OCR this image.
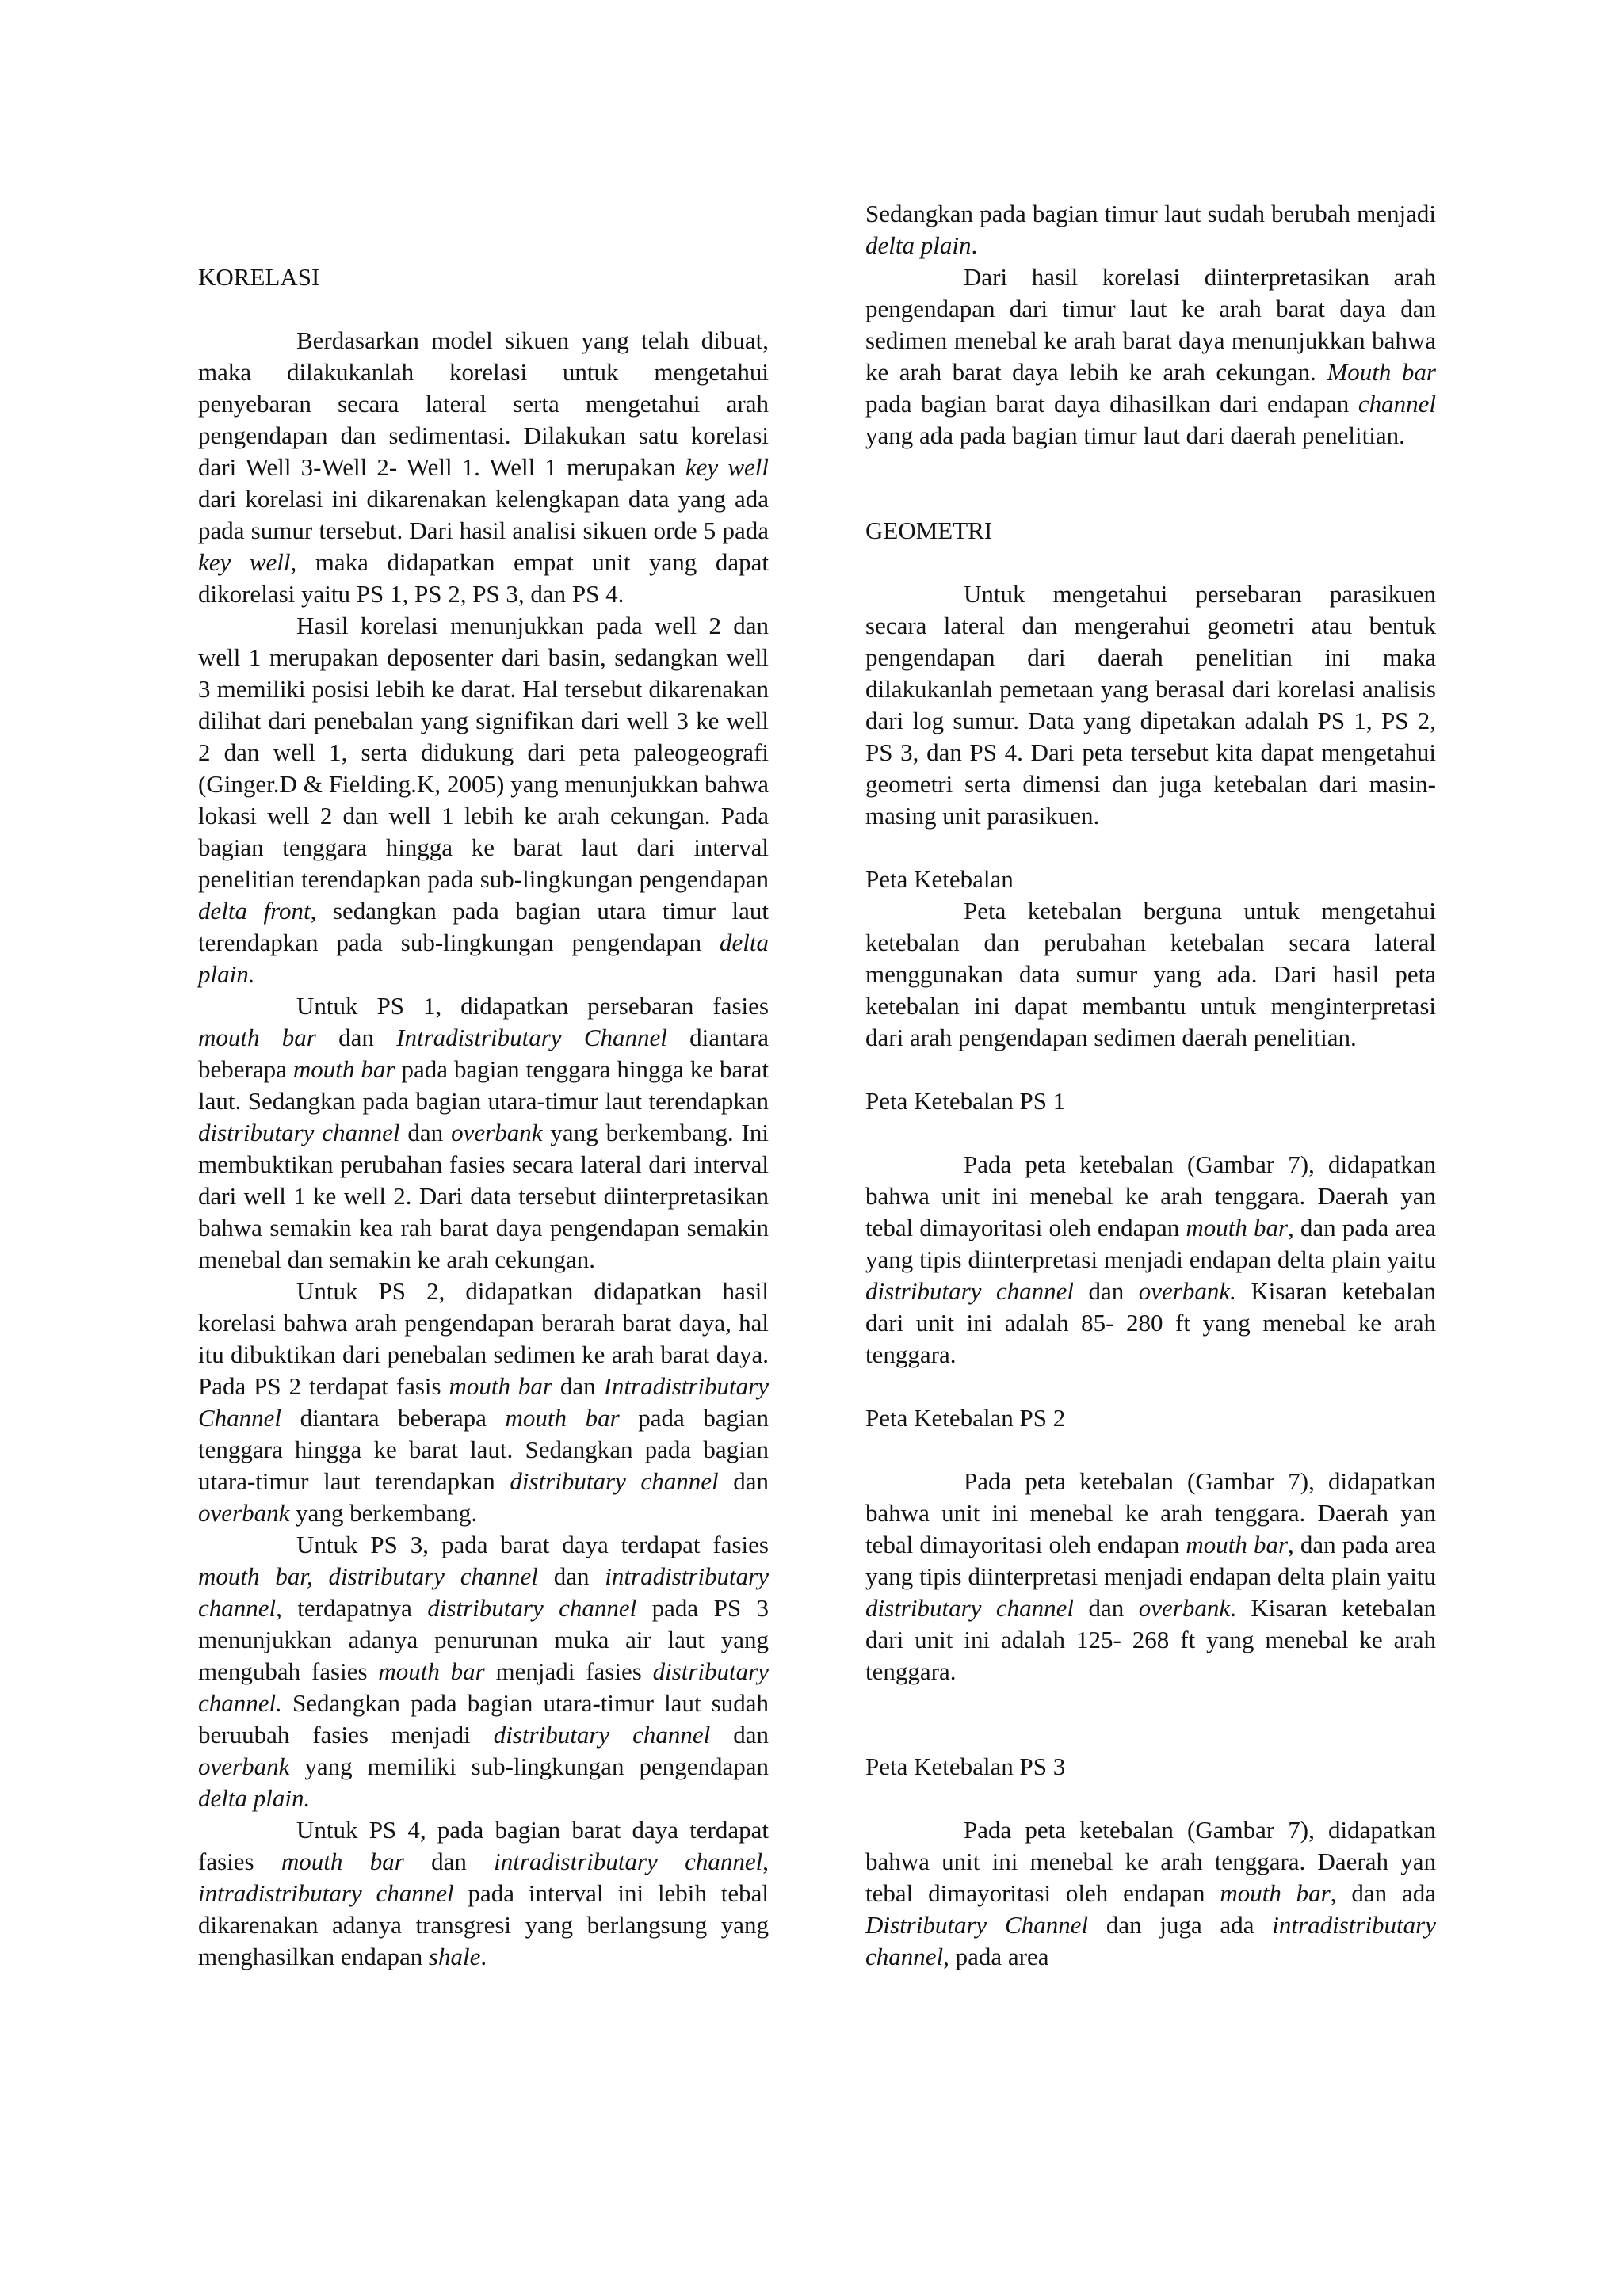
KORELASI

Berdasarkan model sikuen yang telah dibuat, maka dilakukanlah korelasi untuk mengetahui penyebaran secara lateral serta mengetahui arah pengendapan dan sedimentasi. Dilakukan satu korelasi dari Well 3-Well 2- Well 1. Well 1 merupakan key well dari korelasi ini dikarenakan kelengkapan data yang ada pada sumur tersebut. Dari hasil analisi sikuen orde 5 pada key well, maka didapatkan empat unit yang dapat dikorelasi yaitu PS 1, PS 2, PS 3, dan PS 4.

Hasil korelasi menunjukkan pada well 2 dan well 1 merupakan deposenter dari basin, sedangkan well 3 memiliki posisi lebih ke darat. Hal tersebut dikarenakan dilihat dari penebalan yang signifikan dari well 3 ke well 2 dan well 1, serta didukung dari peta paleogeografi (Ginger.D & Fielding.K, 2005) yang menunjukkan bahwa lokasi well 2 dan well 1 lebih ke arah cekungan. Pada bagian tenggara hingga ke barat laut dari interval penelitian terendapkan pada sub-lingkungan pengendapan delta front, sedangkan pada bagian utara timur laut terendapkan pada sub-lingkungan pengendapan delta plain.

Untuk PS 1, didapatkan persebaran fasies mouth bar dan Intradistributary Channel diantara beberapa mouth bar pada bagian tenggara hingga ke barat laut. Sedangkan pada bagian utara-timur laut terendapkan distributary channel dan overbank yang berkembang. Ini membuktikan perubahan fasies secara lateral dari interval dari well 1 ke well 2. Dari data tersebut diinterpretasikan bahwa semakin kea rah barat daya pengendapan semakin menebal dan semakin ke arah cekungan.

Untuk PS 2, didapatkan didapatkan hasil korelasi bahwa arah pengendapan berarah barat daya, hal itu dibuktikan dari penebalan sedimen ke arah barat daya. Pada PS 2 terdapat fasis mouth bar dan Intradistributary Channel diantara beberapa mouth bar pada bagian tenggara hingga ke barat laut. Sedangkan pada bagian utara-timur laut terendapkan distributary channel dan overbank yang berkembang.

Untuk PS 3, pada barat daya terdapat fasies mouth bar, distributary channel dan intradistributary channel, terdapatnya distributary channel pada PS 3 menunjukkan adanya penurunan muka air laut yang mengubah fasies mouth bar menjadi fasies distributary channel. Sedangkan pada bagian utara-timur laut sudah beruubah fasies menjadi distributary channel dan overbank yang memiliki sub-lingkungan pengendapan delta plain.

Untuk PS 4, pada bagian barat daya terdapat fasies mouth bar dan intradistributary channel, intradistributary channel pada interval ini lebih tebal dikarenakan adanya transgresi yang berlangsung yang menghasilkan endapan shale.

Sedangkan pada bagian timur laut sudah berubah menjadi delta plain.

Dari hasil korelasi diinterpretasikan arah pengendapan dari timur laut ke arah barat daya dan sedimen menebal ke arah barat daya menunjukkan bahwa ke arah barat daya lebih ke arah cekungan. Mouth bar pada bagian barat daya dihasilkan dari endapan channel yang ada pada bagian timur laut dari daerah penelitian.

GEOMETRI

Untuk mengetahui persebaran parasikuen secara lateral dan mengerahui geometri atau bentuk pengendapan dari daerah penelitian ini maka dilakukanlah pemetaan yang berasal dari korelasi analisis dari log sumur. Data yang dipetakan adalah PS 1, PS 2, PS 3, dan PS 4. Dari peta tersebut kita dapat mengetahui geometri serta dimensi dan juga ketebalan dari masin-masing unit parasikuen.

Peta Ketebalan

Peta ketebalan berguna untuk mengetahui ketebalan dan perubahan ketebalan secara lateral menggunakan data sumur yang ada. Dari hasil peta ketebalan ini dapat membantu untuk menginterpretasi dari arah pengendapan sedimen daerah penelitian.

Peta Ketebalan PS 1

Pada peta ketebalan (Gambar 7), didapatkan bahwa unit ini menebal ke arah tenggara. Daerah yan tebal dimayoritasi oleh endapan mouth bar, dan pada area yang tipis diinterpretasi menjadi endapan delta plain yaitu distributary channel dan overbank. Kisaran ketebalan dari unit ini adalah 85- 280 ft yang menebal ke arah tenggara.

Peta Ketebalan PS 2

Pada peta ketebalan (Gambar 7), didapatkan bahwa unit ini menebal ke arah tenggara. Daerah yan tebal dimayoritasi oleh endapan mouth bar, dan pada area yang tipis diinterpretasi menjadi endapan delta plain yaitu distributary channel dan overbank. Kisaran ketebalan dari unit ini adalah 125- 268 ft yang menebal ke arah tenggara.

Peta Ketebalan PS 3

Pada peta ketebalan (Gambar 7), didapatkan bahwa unit ini menebal ke arah tenggara. Daerah yan tebal dimayoritasi oleh endapan mouth bar, dan ada Distributary Channel dan juga ada intradistributary channel, pada area
